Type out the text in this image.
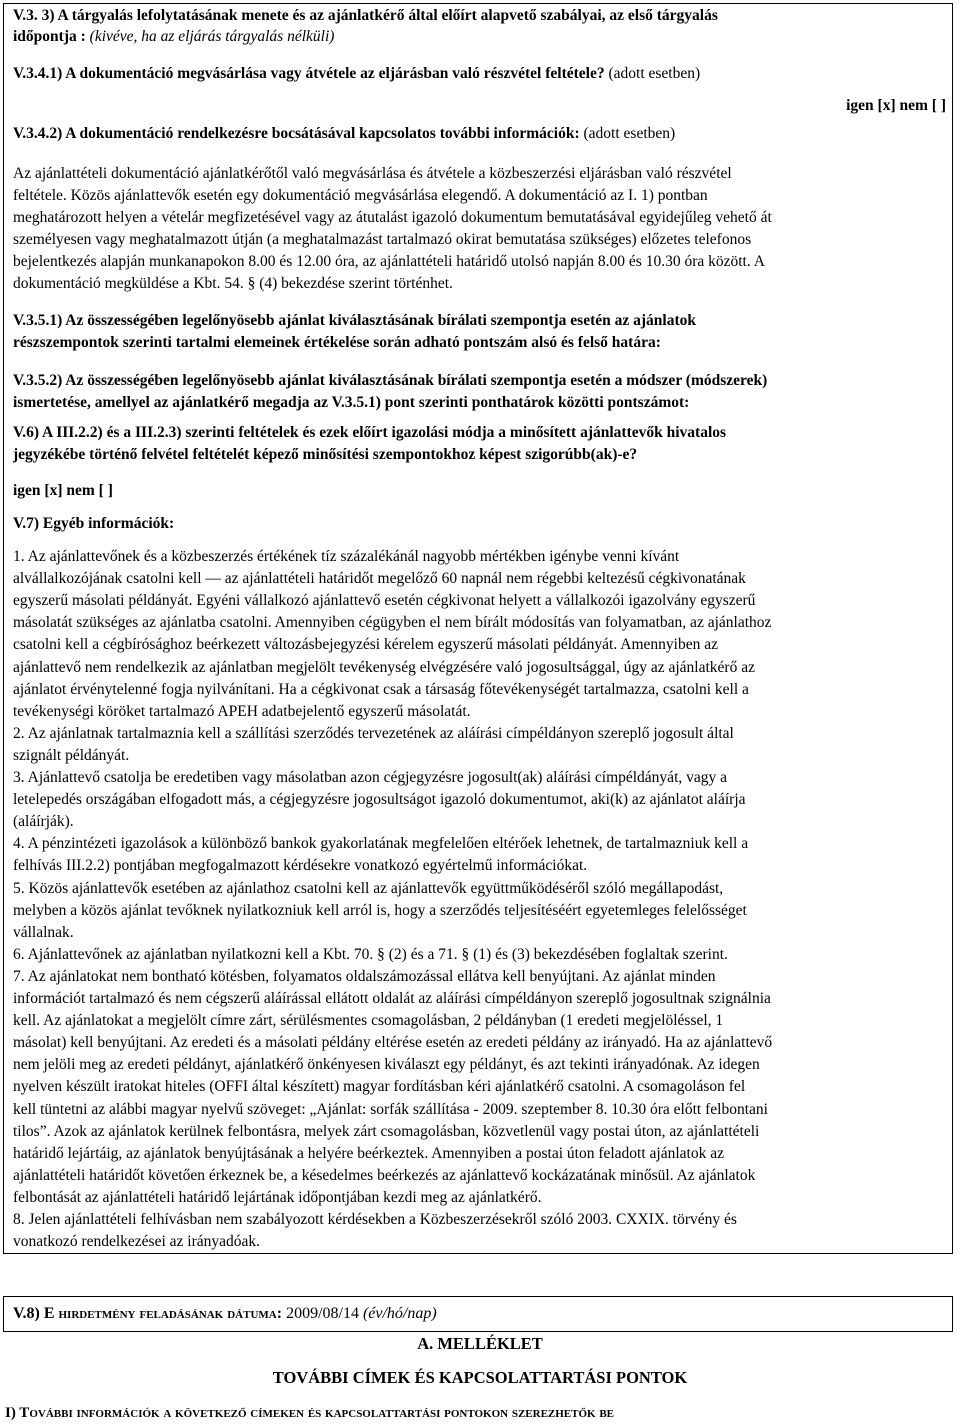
V.3. 3) A tárgyalás lefolytatásának menete és az ajánlatkérő által előírt alapvető szabályai, az első tárgyalás
időpontja : (kivéve, ha az eljárás tárgyalás nélküli)
V.3.4.1) A dokumentáció megvásárlása vagy átvétele az eljárásban való részvétel feltétele? (adott esetben)
igen [x] nem [ ]
V.3.4.2) A dokumentáció rendelkezésre bocsátásával kapcsolatos további információk: (adott esetben)
Az ajánlattételi dokumentáció ajánlatkérőtől való megvásárlása és átvétele a közbeszerzési eljárásban való részvétel
feltétele. Közös ajánlattevők esetén egy dokumentáció megvásárlása elegendő. A dokumentáció az I. 1) pontban
meghatározott helyen a vételár megfizetésével vagy az átutalást igazoló dokumentum bemutatásával egyidejűleg vehető át
személyesen vagy meghatalmazott útján (a meghatalmazást tartalmazó okirat bemutatása szükséges) előzetes telefonos
bejelentkezés alapján munkanapokon 8.00 és 12.00 óra, az ajánlattételi határidő utolsó napján 8.00 és 10.30 óra között. A
dokumentáció megküldése a Kbt. 54. § (4) bekezdése szerint történhet.
V.3.5.1) Az összességében legelőnyösebb ajánlat kiválasztásának bírálati szempontja esetén az ajánlatok
részszempontok szerinti tartalmi elemeinek értékelése során adható pontszám alsó és felső határa:
V.3.5.2) Az összességében legelőnyösebb ajánlat kiválasztásának bírálati szempontja esetén a módszer (módszerek)
ismertetése, amellyel az ajánlatkérő megadja az V.3.5.1) pont szerinti ponthatárok közötti pontszámot:
V.6) A III.2.2) és a III.2.3) szerinti feltételek és ezek előírt igazolási módja a minősített ajánlattevők hivatalos
jegyzékébe történő felvétel feltételét képező minősítési szempontokhoz képest szigorúbb(ak)-e?
igen [x] nem [ ]
V.7) Egyéb információk:
1. Az ajánlattevőnek és a közbeszerzés értékének tíz százalékánál nagyobb mértékben igénybe venni kívánt
alvállalkozójának csatolni kell — az ajánlattételi határidőt megelőző 60 napnál nem régebbi keltezésű cégkivonatának
egyszerű másolati példányát. Egyéni vállalkozó ajánlattevő esetén cégkivonat helyett a vállalkozói igazolvány egyszerű
másolatát szükséges az ajánlatba csatolni. Amennyiben cégügyben el nem bírált módosítás van folyamatban, az ajánlathoz
csatolni kell a cégbírósághoz beérkezett változásbejegyzési kérelem egyszerű másolati példányát. Amennyiben az
ajánlattevő nem rendelkezik az ajánlatban megjelölt tevékenység elvégzésére való jogosultsággal, úgy az ajánlatkérő az
ajánlatot érvénytelenné fogja nyilvánítani. Ha a cégkivonat csak a társaság főtevékenységét tartalmazza, csatolni kell a
tevékenységi köröket tartalmazó APEH adatbejelentő egyszerű másolatát.
2. Az ajánlatnak tartalmaznia kell a szállítási szerződés tervezetének az aláírási címpéldányon szereplő jogosult által
szignált példányát.
3. Ajánlattevő csatolja be eredetiben vagy másolatban azon cégjegyzésre jogosult(ak) aláírási címpéldányát, vagy a
letelepedés országában elfogadott más, a cégjegyzésre jogosultságot igazoló dokumentumot, aki(k) az ajánlatot aláírja
(aláírják).
4. A pénzintézeti igazolások a különböző bankok gyakorlatának megfelelően eltérőek lehetnek, de tartalmazniuk kell a
felhívás III.2.2) pontjában megfogalmazott kérdésekre vonatkozó egyértelmű információkat.
5. Közös ajánlattevők esetében az ajánlathoz csatolni kell az ajánlattevők együttműködéséről szóló megállapodást,
melyben a közös ajánlat tevőknek nyilatkozniuk kell arról is, hogy a szerződés teljesítéséért egyetemleges felelősséget
vállalnak.
6. Ajánlattevőnek az ajánlatban nyilatkozni kell a Kbt. 70. § (2) és a 71. § (1) és (3) bekezdésében foglaltak szerint.
7. Az ajánlatokat nem bontható kötésben, folyamatos oldalszámozással ellátva kell benyújtani. Az ajánlat minden
információt tartalmazó és nem cégszerű aláírással ellátott oldalát az aláírási címpéldányon szereplő jogosultnak szignálnia
kell. Az ajánlatokat a megjelölt címre zárt, sérülésmentes csomagolásban, 2 példányban (1 eredeti megjelöléssel, 1
másolat) kell benyújtani. Az eredeti és a másolati példány eltérése esetén az eredeti példány az irányadó. Ha az ajánlattevő
nem jelöli meg az eredeti példányt, ajánlatkérő önkényesen kiválaszt egy példányt, és azt tekinti irányadónak. Az idegen
nyelven készült iratokat hiteles (OFFI által készített) magyar fordításban kéri ajánlatkérő csatolni. A csomagoláson fel
kell tüntetni az alábbi magyar nyelvű szöveget: „Ajánlat: sorfák szállítása - 2009. szeptember 8. 10.30 óra előtt felbontani
tilos”. Azok az ajánlatok kerülnek felbontásra, melyek zárt csomagolásban, közvetlenül vagy postai úton, az ajánlattételi
határidő lejártáig, az ajánlatok benyújtásának a helyére beérkeztek. Amennyiben a postai úton feladott ajánlatok az
ajánlattételi határidőt követően érkeznek be, a késedelmes beérkezés az ajánlattevő kockázatának minősül. Az ajánlatok
felbontását az ajánlattételi határidő lejártának időpontjában kezdi meg az ajánlatkérő.
8. Jelen ajánlattételi felhívásban nem szabályozott kérdésekben a Közbeszerzésekről szóló 2003. CXXIX. törvény és
vonatkozó rendelkezései az irányadóak.
V.8) E hirdetmény feladásának dátuma: 2009/08/14 (év/hó/nap)
A. MELLÉKLET
TOVÁBBI CÍMEK ÉS KAPCSOLATTARTÁSI PONTOK
I) További információk a következő címeken és kapcsolattartási pontokon szerezhetők be
